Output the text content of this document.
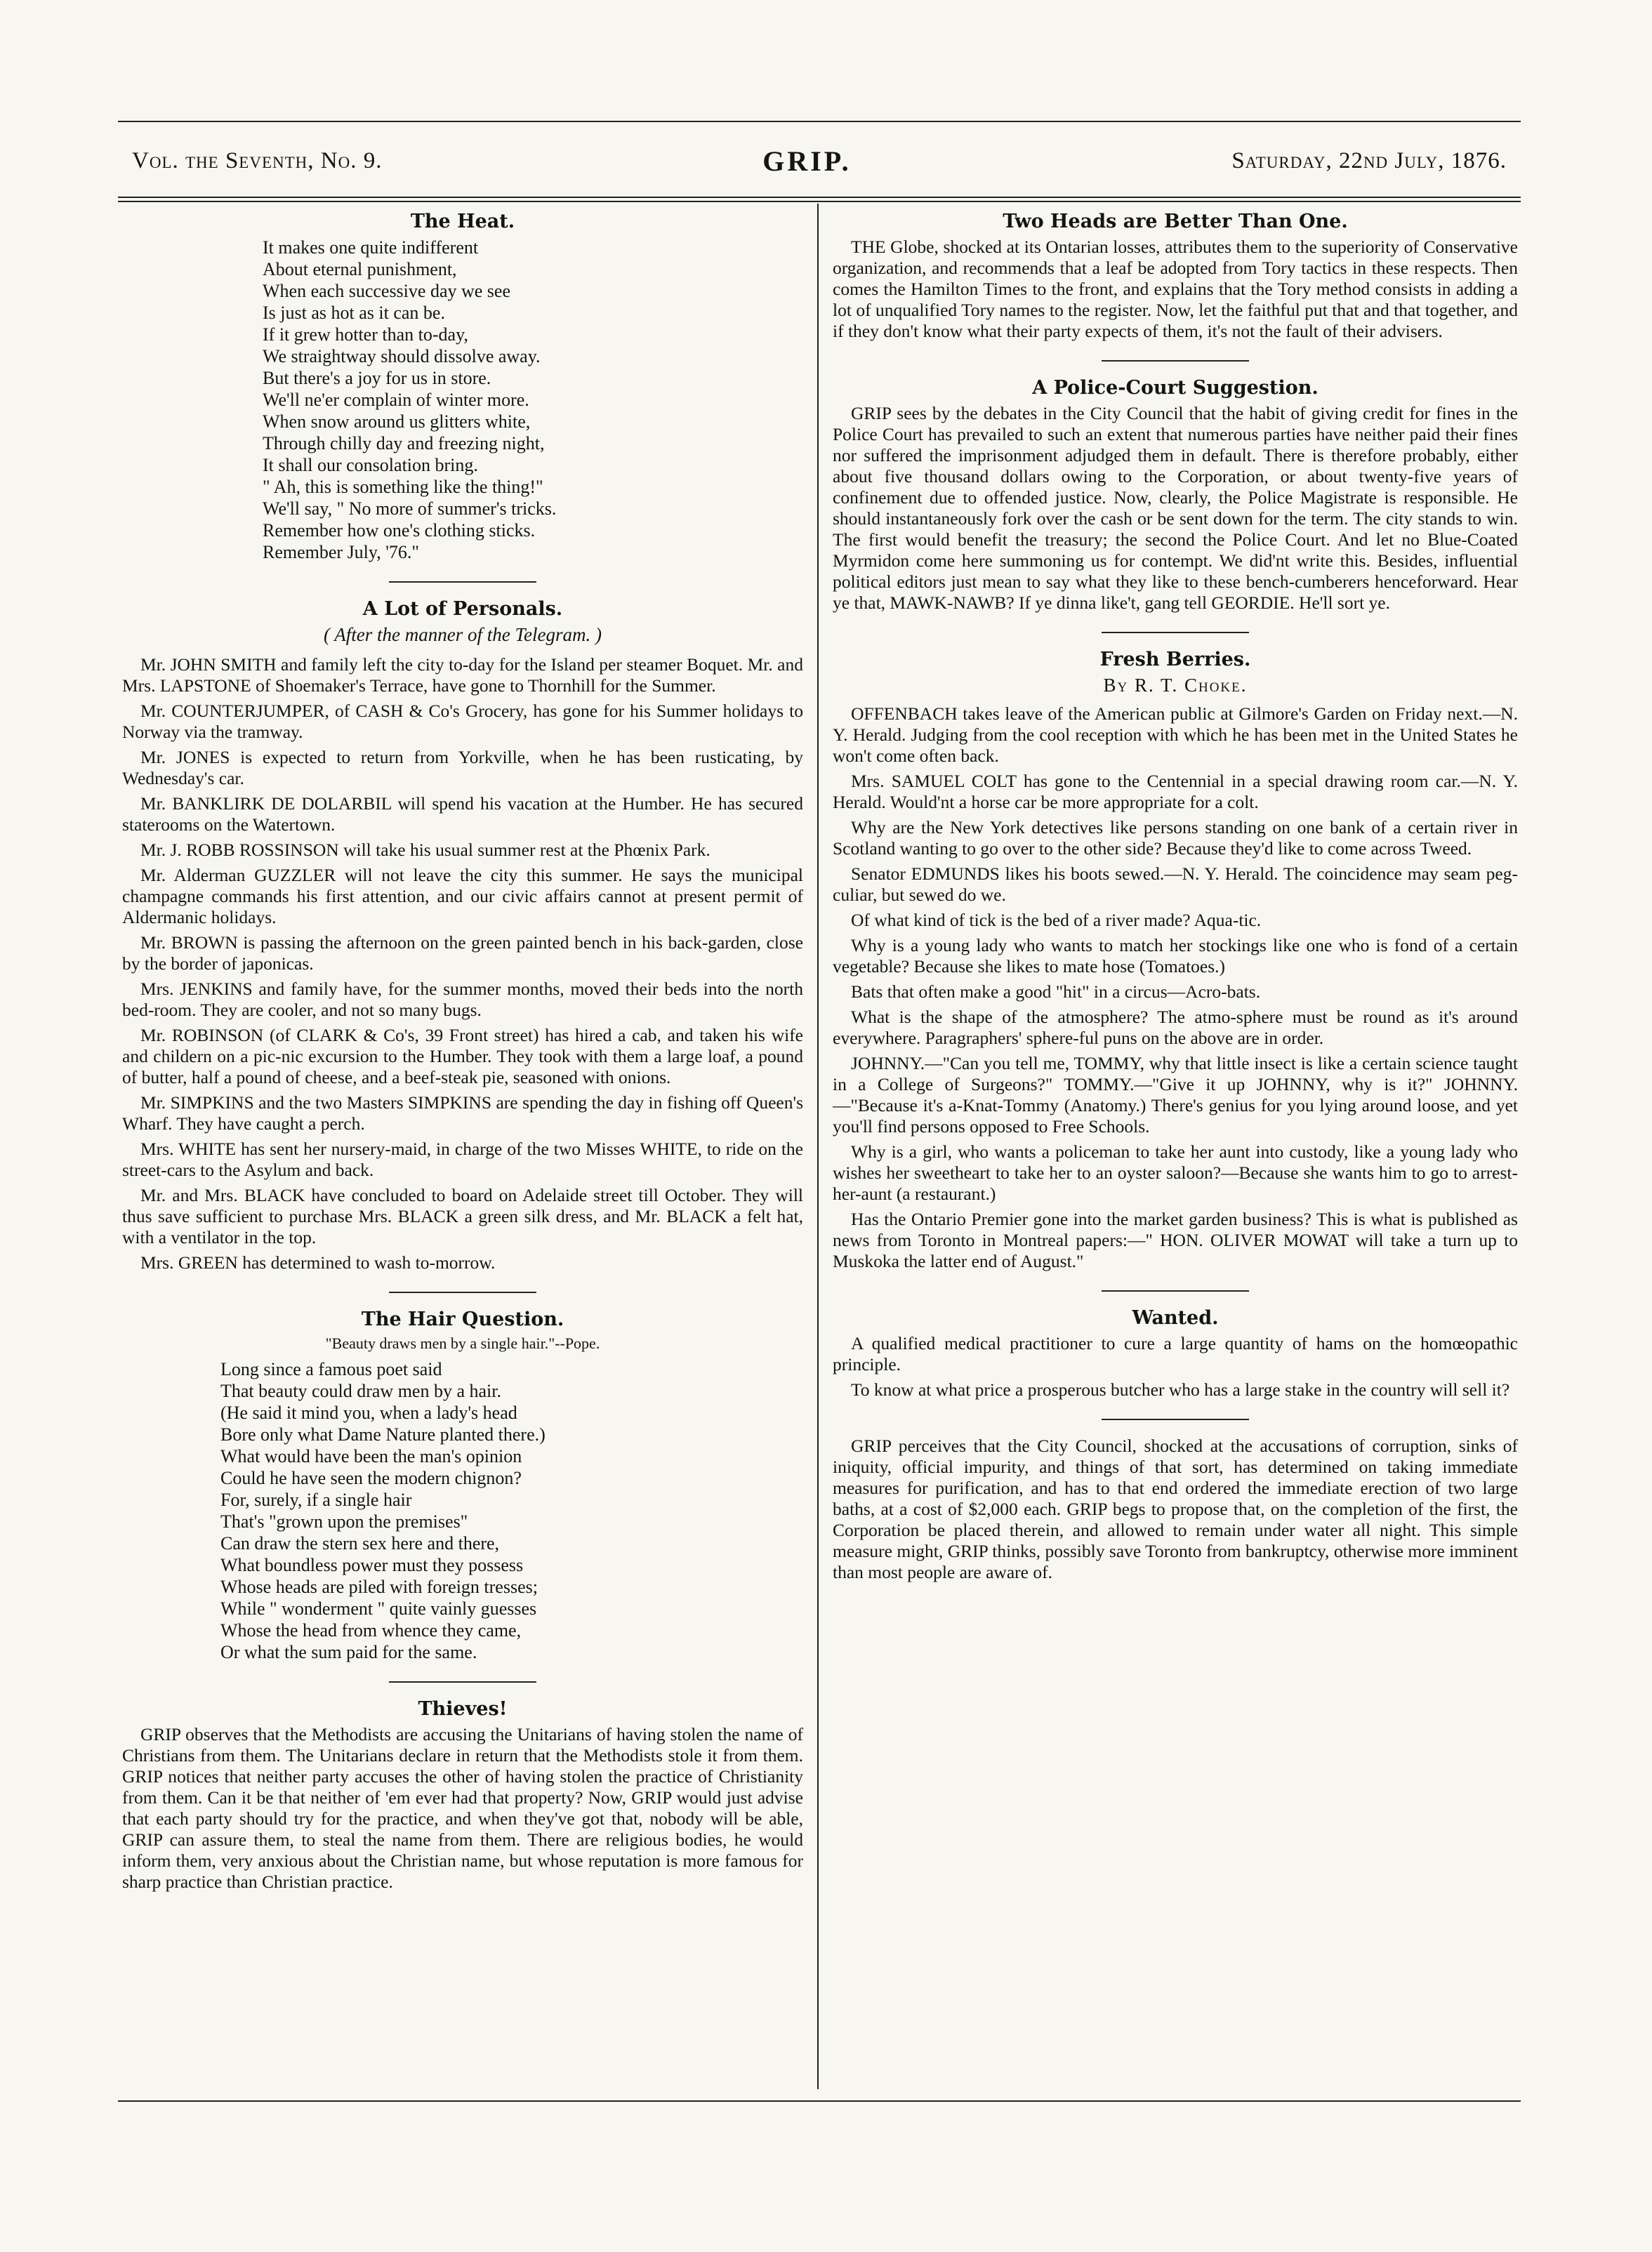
Vol. the Seventh, No. 9.	GRIP.	Saturday, 22nd July, 1876.
The Heat.
It makes one quite indifferent
About eternal punishment,
When each successive day we see
Is just as hot as it can be.
If it grew hotter than to-day,
We straightway should dissolve away.
But there's a joy for us in store.
We'll ne'er complain of winter more.
When snow around us glitters white,
Through chilly day and freezing night,
It shall our consolation bring.
" Ah, this is something like the thing!"
We'll say, " No more of summer's tricks.
Remember how one's clothing sticks.
Remember July, '76."
A Lot of Personals.
( After the manner of the Telegram. )

Mr. JOHN SMITH and family left the city to-day for the Island per steamer Boquet. Mr. and Mrs. LAPSTONE of Shoemaker's Terrace, have gone to Thornhill for the Summer.

Mr. COUNTERJUMPER, of CASH & Co's Grocery, has gone for his Summer holidays to Norway via the tramway.

Mr. JONES is expected to return from Yorkville, when he has been rusticating, by Wednesday's car.

Mr. BANKLIRK DE DOLARBIL will spend his vacation at the Humber. He has secured staterooms on the Watertown.

Mr. J. ROBB ROSSINSON will take his usual summer rest at the Phœnix Park.

Mr. Alderman GUZZLER will not leave the city this summer. He says the municipal champagne commands his first attention, and our civic affairs cannot at present permit of Aldermanic holidays.

Mr. BROWN is passing the afternoon on the green painted bench in his back-garden, close by the border of japonicas.

Mrs. JENKINS and family have, for the summer months, moved their beds into the north bed-room. They are cooler, and not so many bugs.

Mr. ROBINSON (of CLARK & Co's, 39 Front street) has hired a cab, and taken his wife and childern on a pic-nic excursion to the Humber. They took with them a large loaf, a pound of butter, half a pound of cheese, and a beef-steak pie, seasoned with onions.

Mr. SIMPKINS and the two Masters SIMPKINS are spending the day in fishing off Queen's Wharf. They have caught a perch.

Mrs. WHITE has sent her nursery-maid, in charge of the two Misses WHITE, to ride on the street-cars to the Asylum and back.

Mr. and Mrs. BLACK have concluded to board on Adelaide street till October. They will thus save sufficient to purchase Mrs. BLACK a green silk dress, and Mr. BLACK a felt hat, with a ventilator in the top.

Mrs. GREEN has determined to wash to-morrow.

The Hair Question.
"Beauty draws men by a single hair."--Pope.
Long since a famous poet said
That beauty could draw men by a hair.
(He said it mind you, when a lady's head
Bore only what Dame Nature planted there.)
What would have been the man's opinion
Could he have seen the modern chignon?
For, surely, if a single hair
That's "grown upon the premises"
Can draw the stern sex here and there,
What boundless power must they possess
Whose heads are piled with foreign tresses;
While " wonderment " quite vainly guesses
Whose the head from whence they came,
Or what the sum paid for the same.
Thieves!

GRIP observes that the Methodists are accusing the Unitarians of having stolen the name of Christians from them. The Unitarians declare in return that the Methodists stole it from them. GRIP notices that neither party accuses the other of having stolen the practice of Christianity from them. Can it be that neither of 'em ever had that property? Now, GRIP would just advise that each party should try for the practice, and when they've got that, nobody will be able, GRIP can assure them, to steal the name from them. There are religious bodies, he would inform them, very anxious about the Christian name, but whose reputation is more famous for sharp practice than Christian practice.

Two Heads are Better Than One.

THE Globe, shocked at its Ontarian losses, attributes them to the superiority of Conservative organization, and recommends that a leaf be adopted from Tory tactics in these respects. Then comes the Hamilton Times to the front, and explains that the Tory method consists in adding a lot of unqualified Tory names to the register. Now, let the faithful put that and that together, and if they don't know what their party expects of them, it's not the fault of their advisers.

A Police-Court Suggestion.

GRIP sees by the debates in the City Council that the habit of giving credit for fines in the Police Court has prevailed to such an extent that numerous parties have neither paid their fines nor suffered the imprisonment adjudged them in default. There is therefore probably, either about five thousand dollars owing to the Corporation, or about twenty-five years of confinement due to offended justice. Now, clearly, the Police Magistrate is responsible. He should instantaneously fork over the cash or be sent down for the term. The city stands to win. The first would benefit the treasury; the second the Police Court. And let no Blue-Coated Myrmidon come here summoning us for contempt. We did'nt write this. Besides, influential political editors just mean to say what they like to these bench-cumberers henceforward. Hear ye that, MAWK-NAWB? If ye dinna like't, gang tell GEORDIE. He'll sort ye.

Fresh Berries.
By R. T. Choke.

OFFENBACH takes leave of the American public at Gilmore's Garden on Friday next.—N. Y. Herald. Judging from the cool reception with which he has been met in the United States he won't come often back.

Mrs. SAMUEL COLT has gone to the Centennial in a special drawing room car.—N. Y. Herald. Would'nt a horse car be more appropriate for a colt.

Why are the New York detectives like persons standing on one bank of a certain river in Scotland wanting to go over to the other side? Because they'd like to come across Tweed.

Senator EDMUNDS likes his boots sewed.—N. Y. Herald. The coincidence may seam peg-culiar, but sewed do we.

Of what kind of tick is the bed of a river made? Aqua-tic.

Why is a young lady who wants to match her stockings like one who is fond of a certain vegetable? Because she likes to mate hose (Tomatoes.)

Bats that often make a good "hit" in a circus—Acro-bats.

What is the shape of the atmosphere? The atmo-sphere must be round as it's around everywhere. Paragraphers' sphere-ful puns on the above are in order.

JOHNNY.—"Can you tell me, TOMMY, why that little insect is like a certain science taught in a College of Surgeons?" TOMMY.—"Give it up JOHNNY, why is it?" JOHNNY.—"Because it's a-Knat-Tommy (Anatomy.) There's genius for you lying around loose, and yet you'll find persons opposed to Free Schools.

Why is a girl, who wants a policeman to take her aunt into custody, like a young lady who wishes her sweetheart to take her to an oyster saloon?—Because she wants him to go to arrest-her-aunt (a restaurant.)

Has the Ontario Premier gone into the market garden business? This is what is published as news from Toronto in Montreal papers:—" HON. OLIVER MOWAT will take a turn up to Muskoka the latter end of August."

Wanted.

A qualified medical practitioner to cure a large quantity of hams on the homœopathic principle.

To know at what price a prosperous butcher who has a large stake in the country will sell it?

GRIP perceives that the City Council, shocked at the accusations of corruption, sinks of iniquity, official impurity, and things of that sort, has determined on taking immediate measures for purification, and has to that end ordered the immediate erection of two large baths, at a cost of $2,000 each. GRIP begs to propose that, on the completion of the first, the Corporation be placed therein, and allowed to remain under water all night. This simple measure might, GRIP thinks, possibly save Toronto from bankruptcy, otherwise more imminent than most people are aware of.
